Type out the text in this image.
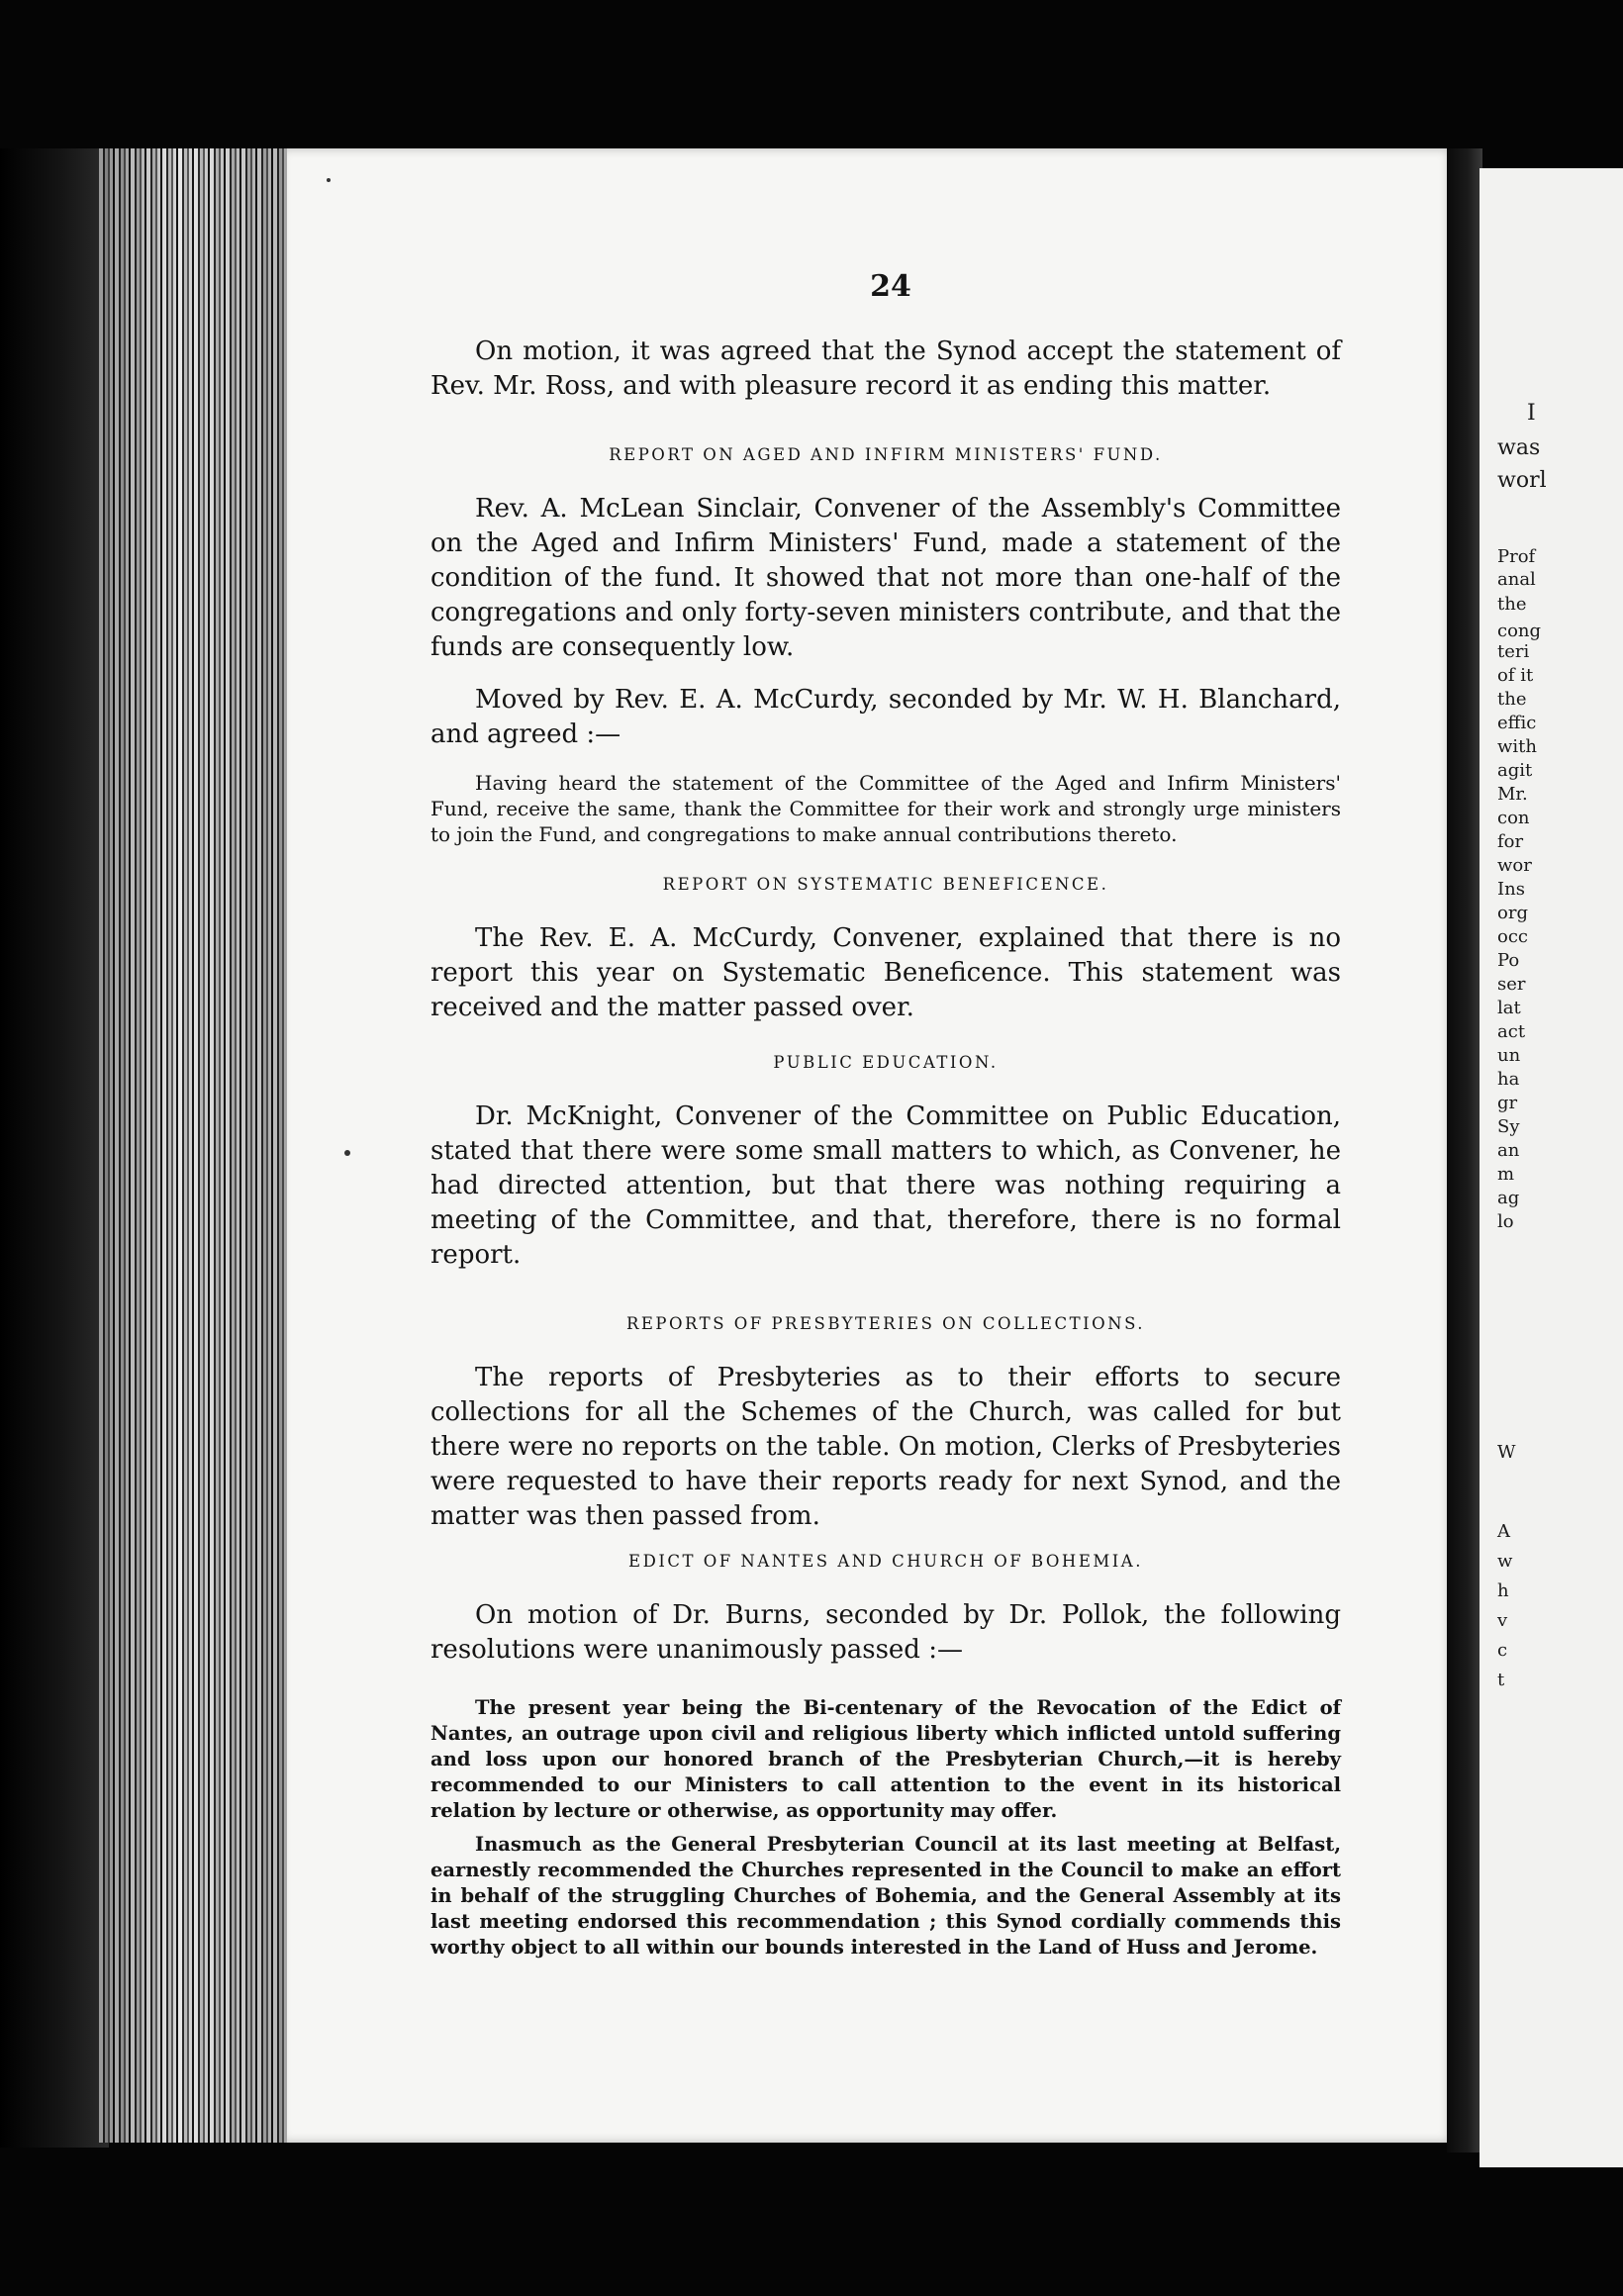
24

On motion, it was agreed that the Synod accept the statement of Rev. Mr. Ross, and with pleasure record it as ending this matter.

REPORT ON AGED AND INFIRM MINISTERS' FUND.

Rev. A. McLean Sinclair, Convener of the Assembly's Committee on the Aged and Infirm Ministers' Fund, made a statement of the condition of the fund. It showed that not more than one-half of the congregations and only forty-seven ministers contribute, and that the funds are consequently low.

Moved by Rev. E. A. McCurdy, seconded by Mr. W. H. Blanchard, and agreed :—

Having heard the statement of the Committee of the Aged and Infirm Ministers' Fund, receive the same, thank the Committee for their work and strongly urge ministers to join the Fund, and congregations to make annual contributions thereto.

REPORT ON SYSTEMATIC BENEFICENCE.

The Rev. E. A. McCurdy, Convener, explained that there is no report this year on Systematic Beneficence. This statement was received and the matter passed over.

PUBLIC EDUCATION.

Dr. McKnight, Convener of the Committee on Public Education, stated that there were some small matters to which, as Convener, he had directed attention, but that there was nothing requiring a meeting of the Committee, and that, therefore, there is no formal report.

REPORTS OF PRESBYTERIES ON COLLECTIONS.

The reports of Presbyteries as to their efforts to secure collections for all the Schemes of the Church, was called for but there were no reports on the table. On motion, Clerks of Presbyteries were requested to have their reports ready for next Synod, and the matter was then passed from.

EDICT OF NANTES AND CHURCH OF BOHEMIA.

On motion of Dr. Burns, seconded by Dr. Pollok, the following resolutions were unanimously passed :—

The present year being the Bi-centenary of the Revocation of the Edict of Nantes, an outrage upon civil and religious liberty which inflicted untold suffering and loss upon our honored branch of the Presbyterian Church,—it is hereby recommended to our Ministers to call attention to the event in its historical relation by lecture or otherwise, as opportunity may offer.

Inasmuch as the General Presbyterian Council at its last meeting at Belfast, earnestly recommended the Churches represented in the Council to make an effort in behalf of the struggling Churches of Bohemia, and the General Assembly at its last meeting endorsed this recommendation ; this Synod cordially commends this worthy object to all within our bounds interested in the Land of Huss and Jerome.

I
was
worl
Prof
anal
the
cong
teri
of it
the
effic
with
agit
Mr.
con
for
wor
Ins
org
occ
Po
ser
lat
act
un
ha
gr
Sy
an
m
ag
lo
W
A
w
h
v
c
t
